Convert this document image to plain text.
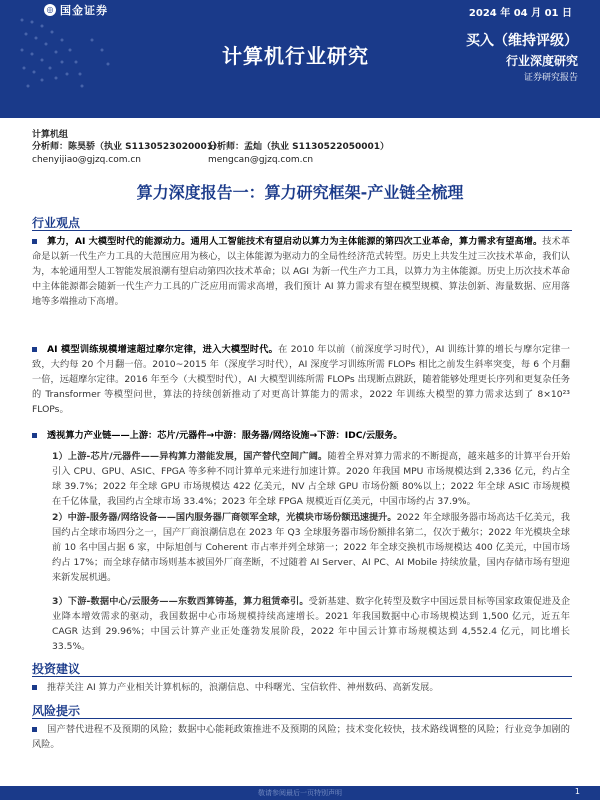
◎ 国金证券	2024 年 04 月 01 日
计算机行业研究
买入（维持评级）
行业深度研究
证券研究报告
计算机组
分析师：陈昊骄（执业 S1130523020001）
分析师：孟灿（执业 S1130522050001）
chenyijiao@gjzq.com.cn	mengcan@gjzq.com.cn
算力深度报告一：算力研究框架-产业链全梳理
行业观点
算力，AI 大模型时代的能源动力。通用人工智能技术有望启动以算力为主体能源的第四次工业革命，算力需求有望高增。技术革命是以新一代生产力工具的大范围应用为核心，以主体能源为驱动力的全局性经济范式转型。历史上共发生过三次技术革命，我们认为，本轮通用型人工智能发展浪潮有望启动第四次技术革命；以 AGI 为新一代生产力工具，以算力为主体能源。历史上历次技术革命中主体能源都会随新一代生产力工具的广泛应用而需求高增，我们预计 AI 算力需求有望在模型规模、算法创新、海量数据、应用落地等多端推动下高增。
AI 模型训练规模增速超过摩尔定律，进入大模型时代。在 2010 年以前（前深度学习时代），AI 训练计算的增长与摩尔定律一致，大约每 20 个月翻一倍。2010~2015 年（深度学习时代），AI 深度学习训练所需 FLOPs 相比之前发生斜率突变，每 6 个月翻一倍，远超摩尔定律。2016 年至今（大模型时代），AI 大模型训练所需 FLOPs 出现断点跳跃，随着能够处理更长序列和更复杂任务的 Transformer 等模型问世，算法的持续创新推动了对更高计算能力的需求，2022 年训练大模型的算力需求达到了 8×10²³ FLOPs。
透视算力产业链——上游：芯片/元器件→中游：服务器/网络设施→下游：IDC/云服务。
1）上游-芯片/元器件——异构算力潜能发展，国产替代空间广阔。随着全界对算力需求的不断提高，越来越多的计算平台开始引入 CPU、GPU、ASIC、FPGA 等多种不同计算单元来进行加速计算。2020 年我国 MPU 市场规模达到 2,336 亿元，约占全球 39.7%；2022 年全球 GPU 市场规模达 422 亿美元，NV 占全球 GPU 市场份额 80%以上；2022 年全球 ASIC 市场规模在千亿体量，我国约占全球市场 33.4%；2023 年全球 FPGA 规模近百亿美元，中国市场约占 37.9%。
2）中游-服务器/网络设备——国内服务器厂商领军全球，光模块市场份额迅速提升。2022 年全球服务器市场高达千亿美元，我国约占全球市场四分之一，国产厂商浪潮信息在 2023 年 Q3 全球服务器市场份额排名第二，仅次于戴尔；2022 年光模块全球前 10 名中国占据 6 家，中际旭创与 Coherent 市占率并列全球第一；2022 年全球交换机市场规模达 400 亿美元，中国市场约占 17%；而全球存储市场则基本被国外厂商垄断，不过随着 AI Server、AI PC、AI Mobile 持续放量，国内存储市场有望迎来新发展机遇。
3）下游-数据中心/云服务——东数西算铸基，算力租赁牵引。受新基建、数字化转型及数字中国远景目标等国家政策促进及企业降本增效需求的驱动，我国数据中心市场规模持续高速增长。2021 年我国数据中心市场规模达到 1,500 亿元，近五年 CAGR 达到 29.96%；中国云计算产业正处蓬勃发展阶段，2022 年中国云计算市场规模达到 4,552.4 亿元，同比增长 33.5%。
投资建议
推荐关注 AI 算力产业相关计算机标的，浪潮信息、中科曙光、宝信软件、神州数码、高新发展。
风险提示
国产替代进程不及预期的风险；数据中心能耗政策推进不及预期的风险；技术变化较快，技术路线调整的风险；行业竞争加剧的风险。
敬请参阅最后一页特别声明	1
